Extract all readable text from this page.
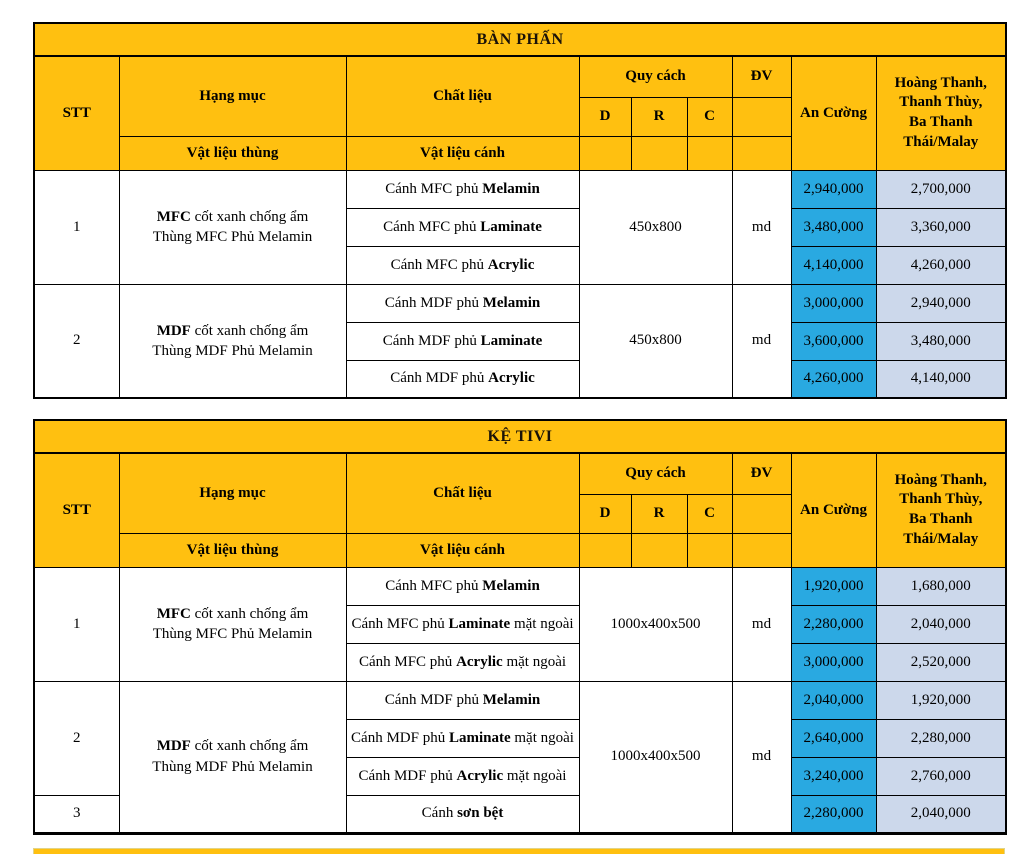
BÀN PHẤN								
STT	Hạng mục	Chất liệu	Quy cách			ĐV	An Cường	Hoàng Thanh,
Thanh Thùy,
Ba Thanh
Thái/Malay

			D	R	C			
	Vật liệu thùng	Vật liệu cánh						
1	MFC cốt xanh chống ẩm
Thùng MFC Phủ Melamin	Cánh MFC phủ Melamin	450x800			md	2,940,000	2,700,000
		Cánh MFC phủ Laminate					3,480,000	3,360,000
		Cánh MFC phủ Acrylic					4,140,000	4,260,000
2	MDF cốt xanh chống ẩm
Thùng MDF Phủ Melamin	Cánh MDF phủ Melamin	450x800			md	3,000,000	2,940,000
		Cánh MDF phủ Laminate					3,600,000	3,480,000
		Cánh MDF phủ Acrylic					4,260,000	4,140,000
KỆ TIVI								
STT	Hạng mục	Chất liệu	Quy cách			ĐV	An Cường	Hoàng Thanh,
Thanh Thùy,
Ba Thanh
Thái/Malay

			D	R	C			
	Vật liệu thùng	Vật liệu cánh						
1	MFC cốt xanh chống ẩm
Thùng MFC Phủ Melamin	Cánh MFC phủ Melamin	1000x400x500			md	1,920,000	1,680,000
		Cánh MFC phủ Laminate mặt ngoài					2,280,000	2,040,000
		Cánh MFC phủ Acrylic mặt ngoài					3,000,000	2,520,000
2	MDF cốt xanh chống ẩm
Thùng MDF Phủ Melamin	Cánh MDF phủ Melamin	1000x400x500			md	2,040,000	1,920,000
		Cánh MDF phủ Laminate mặt ngoài					2,640,000	2,280,000
		Cánh MDF phủ Acrylic mặt ngoài					3,240,000	2,760,000
3		Cánh sơn bệt					2,280,000	2,040,000
